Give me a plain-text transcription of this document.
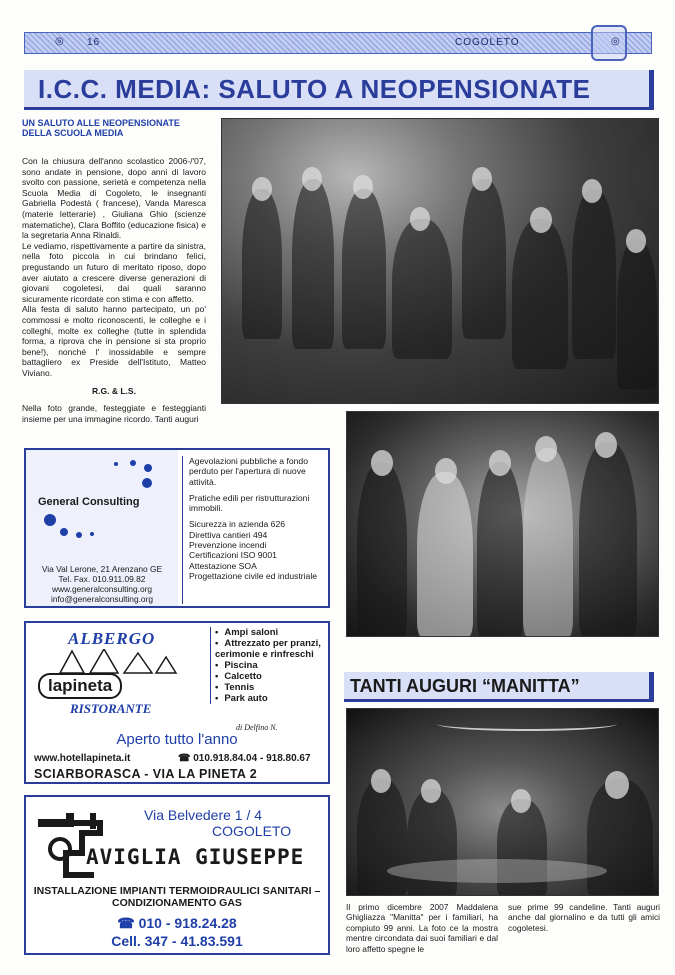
◎ 16	COGOLETO	◎
I.C.C. MEDIA: SALUTO A NEOPENSIONATE
UN SALUTO ALLE NEOPENSIONATE DELLA SCUOLA MEDIA

Con la chiusura dell'anno scolastico 2006-/'07, sono andate in pensione, dopo anni di lavoro svolto con passione, serietà e competenza nella Scuola Media di Cogoleto, le insegnanti Gabriella Podestà ( francese), Vanda Maresca (materie letterarie) , Giuliana Ghio (scienze matematiche), Clara Boffito (educazione fisica) e la segretaria Anna Rinaldi.

Le vediamo, rispettivamente a partire da sinistra, nella foto piccola in cui brindano felici, pregustando un futuro di meritato riposo, dopo aver aiutato a crescere diverse generazioni di giovani cogoletesi, dai quali saranno sicuramente ricordate con stima e con affetto.

Alla festa di saluto hanno partecipato, un po' commossi e molto riconoscenti, le colleghe e i colleghi, molte ex colleghe (tutte in splendida forma, a riprova che in pensione si sta proprio bene!), nonché l' inossidabile e sempre battagliero ex Preside dell'Istituto, Matteo Viviano.

R.G. & L.S.

Nella foto grande, festeggiate e festeggianti insieme per una immagine ricordo. Tanti auguri

General Consulting
Via Val Lerone, 21 Arenzano GE
Tel. Fax. 010.911.09.82
www.generalconsulting.org
info@generalconsulting.org

Agevolazioni pubbliche a fondo perduto per l'apertura di nuove attività.

Pratiche edili per ristrutturazioni immobili.

Sicurezza in azienda 626
Direttiva cantieri 494
Prevenzione incendi
Certificazioni ISO 9001
Attestazione SOA
Progettazione civile ed industriale

ALBERGO
lapineta
RISTORANTE
• Ampi saloni
• Attrezzato per pranzi, cerimonie e rinfreschi
• Piscina
• Calcetto
• Tennis
• Park auto
di Delfino N.
Aperto tutto l'anno
www.hotellapineta.it	☎ 010.918.84.04 - 918.80.67
SCIARBORASCA - VIA LA PINETA 2
Via Belvedere 1 / 4
COGOLETO
AVIGLIA GIUSEPPE
INSTALLAZIONE IMPIANTI TERMOIDRAULICI SANITARI – CONDIZIONAMENTO GAS
☎ 010 - 918.24.28
Cell. 347 - 41.83.591
TANTI AUGURI “MANITTA”

Il primo dicembre 2007 Maddalena Ghigliazza "Manitta" per i familiari, ha compiuto 99 anni. La foto ce la mostra mentre circondata dai suoi familiari e dal loro affetto spegne le

sue prime 99 candeline. Tanti auguri anche dal giornalino e da tutti gli amici cogoletesi.
